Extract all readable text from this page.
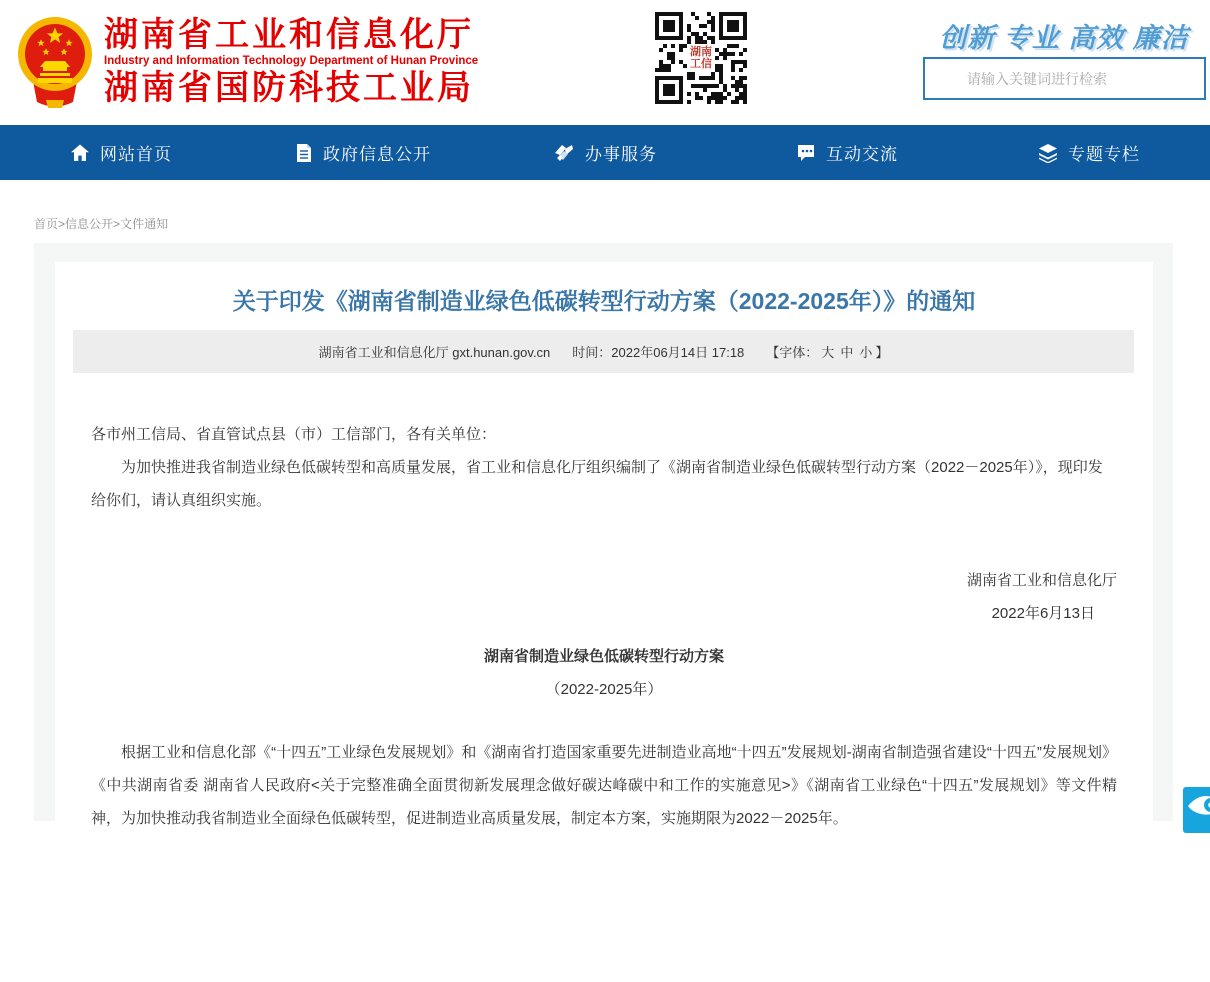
湖南省工业和信息化厅
Industry and Information Technology Department of Hunan Province
湖南省国防科技工业局
湖南
工信
创新 专业 高效 廉洁
请输入关键词进行检索
网站首页	政府信息公开	办事服务	互动交流	专题专栏
首页>信息公开>文件通知
关于印发《湖南省制造业绿色低碳转型行动方案（2022-2025年）》的通知
湖南省工业和信息化厅 gxt.hunan.gov.cn 时间：2022年06月14日 17:18 【字体： 大 中 小 】

各市州工信局、省直管试点县（市）工信部门，各有关单位：

为加快推进我省制造业绿色低碳转型和高质量发展，省工业和信息化厅组织编制了《湖南省制造业绿色低碳转型行动方案（2022－2025年）》，现印发给你们，请认真组织实施。

湖南省工业和信息化厅

2022年6月13日

湖南省制造业绿色低碳转型行动方案

（2022-2025年）

根据工业和信息化部《“十四五”工业绿色发展规划》和《湖南省打造国家重要先进制造业高地“十四五”发展规划-湖南省制造强省建设“十四五”发展规划》《中共湖南省委 湖南省人民政府<关于完整准确全面贯彻新发展理念做好碳达峰碳中和工作的实施意见>》《湖南省工业绿色“十四五”发展规划》等文件精神，为加快推动我省制造业全面绿色低碳转型，促进制造业高质量发展，制定本方案，实施期限为2022－2025年。
